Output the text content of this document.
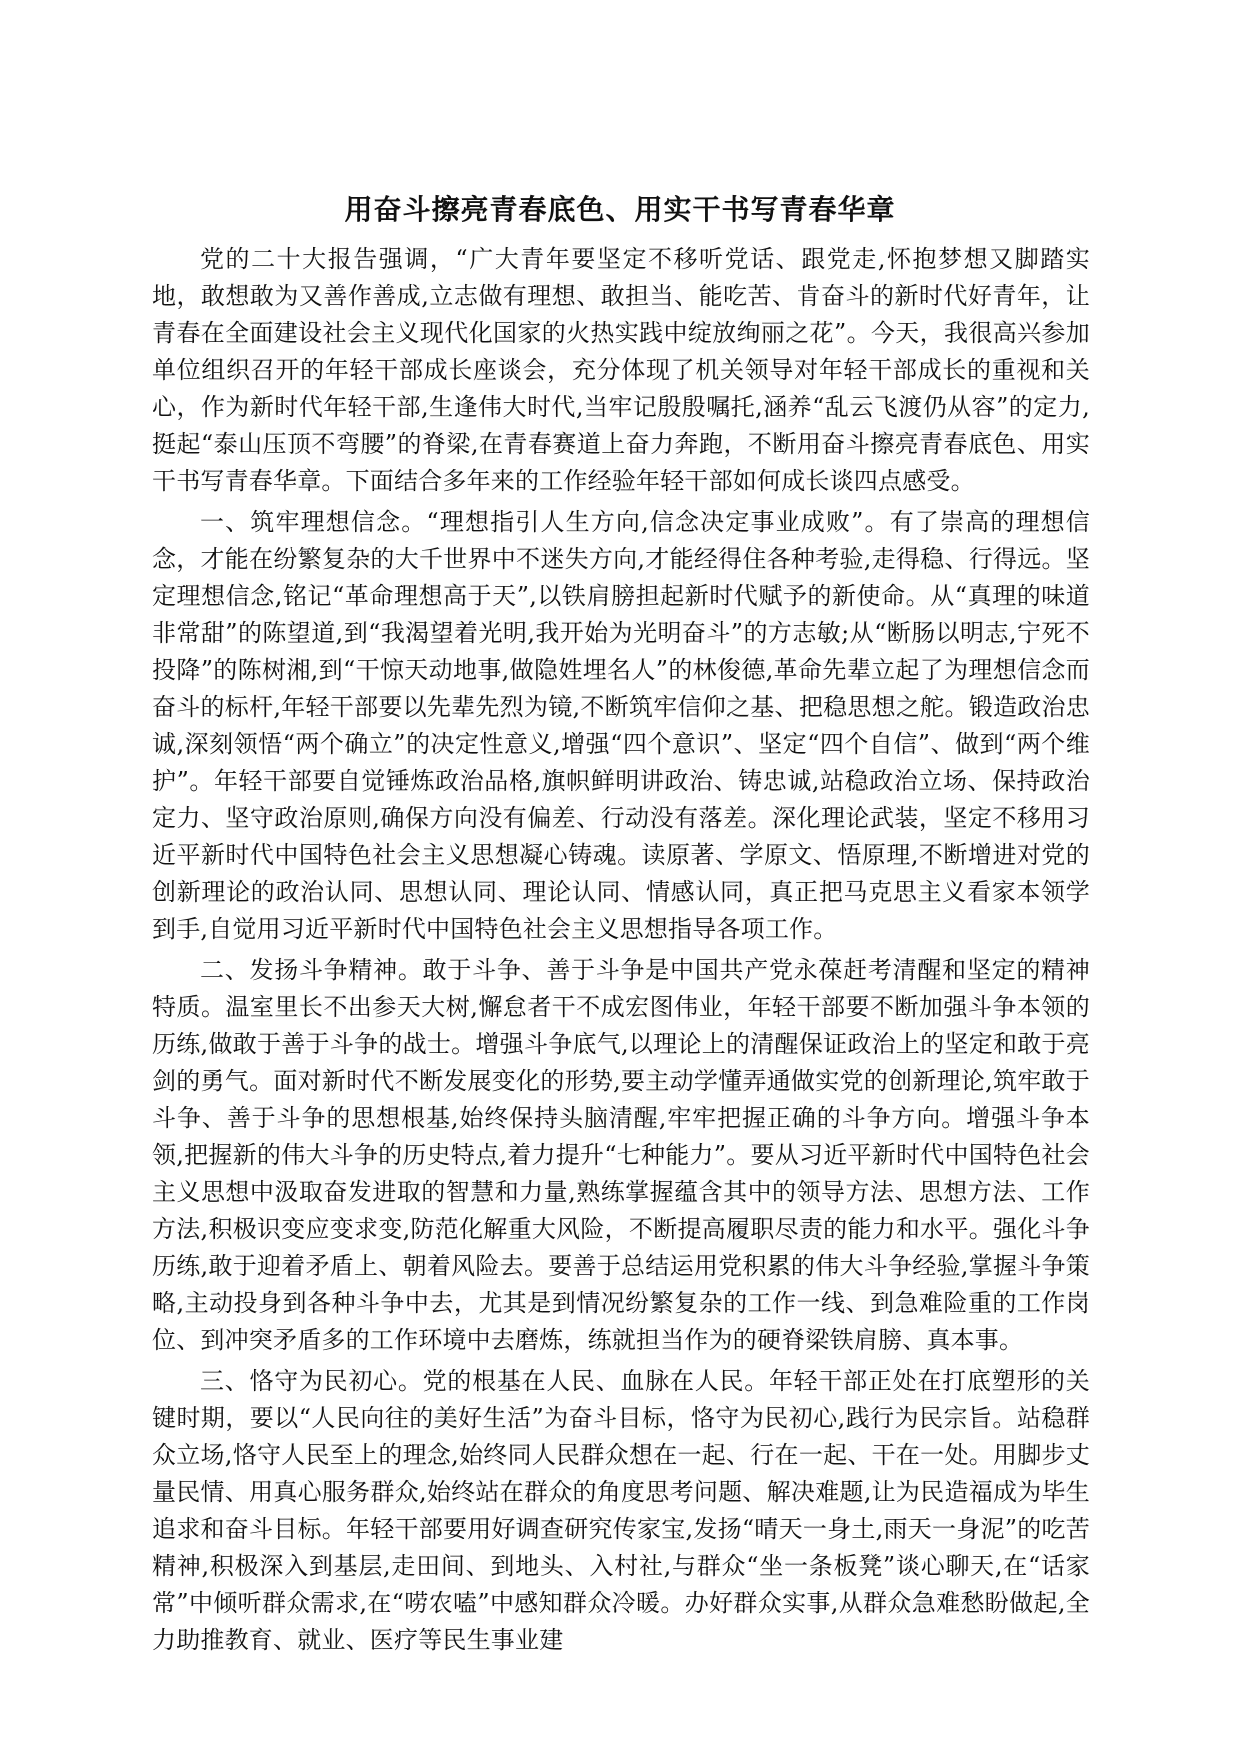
用奋斗擦亮青春底色、用实干书写青春华章

党的二十大报告强调，“广大青年要坚定不移听党话、跟党走,怀抱梦想又脚踏实地，敢想敢为又善作善成,立志做有理想、敢担当、能吃苦、肯奋斗的新时代好青年，让青春在全面建设社会主义现代化国家的火热实践中绽放绚丽之花”。今天，我很高兴参加单位组织召开的年轻干部成长座谈会，充分体现了机关领导对年轻干部成长的重视和关心，作为新时代年轻干部,生逢伟大时代,当牢记殷殷嘱托,涵养“乱云飞渡仍从容”的定力,挺起“泰山压顶不弯腰”的脊梁,在青春赛道上奋力奔跑，不断用奋斗擦亮青春底色、用实干书写青春华章。下面结合多年来的工作经验年轻干部如何成长谈四点感受。

一、筑牢理想信念。“理想指引人生方向,信念决定事业成败”。有了崇高的理想信念，才能在纷繁复杂的大千世界中不迷失方向,才能经得住各种考验,走得稳、行得远。坚定理想信念,铭记“革命理想高于天”,以铁肩膀担起新时代赋予的新使命。从“真理的味道非常甜”的陈望道,到“我渴望着光明,我开始为光明奋斗”的方志敏;从“断肠以明志,宁死不投降”的陈树湘,到“干惊天动地事,做隐姓埋名人”的林俊德,革命先辈立起了为理想信念而奋斗的标杆,年轻干部要以先辈先烈为镜,不断筑牢信仰之基、把稳思想之舵。锻造政治忠诚,深刻领悟“两个确立”的决定性意义,增强“四个意识”、坚定“四个自信”、做到“两个维护”。年轻干部要自觉锤炼政治品格,旗帜鲜明讲政治、铸忠诚,站稳政治立场、保持政治定力、坚守政治原则,确保方向没有偏差、行动没有落差。深化理论武装，坚定不移用习近平新时代中国特色社会主义思想凝心铸魂。读原著、学原文、悟原理,不断增进对党的创新理论的政治认同、思想认同、理论认同、情感认同，真正把马克思主义看家本领学到手,自觉用习近平新时代中国特色社会主义思想指导各项工作。

二、发扬斗争精神。敢于斗争、善于斗争是中国共产党永葆赶考清醒和坚定的精神特质。温室里长不出参天大树,懈怠者干不成宏图伟业，年轻干部要不断加强斗争本领的历练,做敢于善于斗争的战士。增强斗争底气,以理论上的清醒保证政治上的坚定和敢于亮剑的勇气。面对新时代不断发展变化的形势,要主动学懂弄通做实党的创新理论,筑牢敢于斗争、善于斗争的思想根基,始终保持头脑清醒,牢牢把握正确的斗争方向。增强斗争本领,把握新的伟大斗争的历史特点,着力提升“七种能力”。要从习近平新时代中国特色社会主义思想中汲取奋发进取的智慧和力量,熟练掌握蕴含其中的领导方法、思想方法、工作方法,积极识变应变求变,防范化解重大风险，不断提高履职尽责的能力和水平。强化斗争历练,敢于迎着矛盾上、朝着风险去。要善于总结运用党积累的伟大斗争经验,掌握斗争策略,主动投身到各种斗争中去，尤其是到情况纷繁复杂的工作一线、到急难险重的工作岗位、到冲突矛盾多的工作环境中去磨炼，练就担当作为的硬脊梁铁肩膀、真本事。

三、恪守为民初心。党的根基在人民、血脉在人民。年轻干部正处在打底塑形的关键时期，要以“人民向往的美好生活”为奋斗目标，恪守为民初心,践行为民宗旨。站稳群众立场,恪守人民至上的理念,始终同人民群众想在一起、行在一起、干在一处。用脚步丈量民情、用真心服务群众,始终站在群众的角度思考问题、解决难题,让为民造福成为毕生追求和奋斗目标。年轻干部要用好调查研究传家宝,发扬“晴天一身土,雨天一身泥”的吃苦精神,积极深入到基层,走田间、到地头、入村社,与群众“坐一条板凳”谈心聊天,在“话家常”中倾听群众需求,在“唠农嗑”中感知群众冷暖。办好群众实事,从群众急难愁盼做起,全力助推教育、就业、医疗等民生事业建
